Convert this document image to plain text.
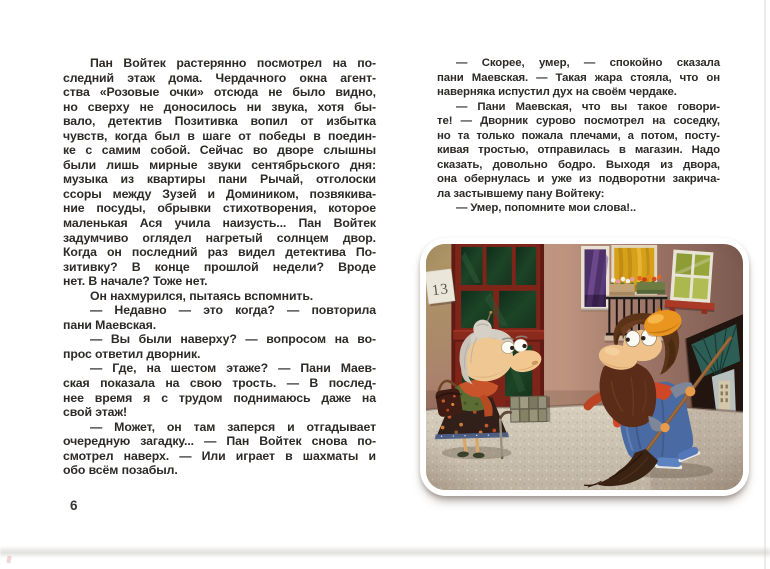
Пан Войтек растерянно посмотрел на по-
следний этаж дома. Чердачного окна агент-
ства «Розовые очки» отсюда не было видно,
но сверху не доносилось ни звука, хотя бы-
вало, детектив Позитивка вопил от избытка
чувств, когда был в шаге от победы в поедин-
ке с самим собой. Сейчас во дворе слышны
были лишь мирные звуки сентябрьского дня:
музыка из квартиры пани Рычай, отголоски
ссоры между Зузей и Домиником, позвякива-
ние посуды, обрывки стихотворения, которое
маленькая Ася учила наизусть... Пан Войтек
задумчиво оглядел нагретый солнцем двор.
Когда он последний раз видел детектива По-
зитивку? В конце прошлой недели? Вроде
нет. В начале? Тоже нет.
Он нахмурился, пытаясь вспомнить.
— Недавно — это когда? — повторила
пани Маевская.
— Вы были наверху? — вопросом на во-
прос ответил дворник.
— Где, на шестом этаже? — Пани Маев-
ская показала на свою трость. — В послед-
нее время я с трудом поднимаюсь даже на
свой этаж!
— Может, он там заперся и отгадывает
очередную загадку... — Пан Войтек снова по-
смотрел наверх. — Или играет в шахматы и
обо всём позабыл.
6
— Скорее, умер, — спокойно сказала
пани Маевская. — Такая жара стояла, что он
наверняка испустил дух на своём чердаке.
— Пани Маевская, что вы такое говори-
те! — Дворник сурово посмотрел на соседку,
но та только пожала плечами, а потом, посту-
кивая тростью, отправилась в магазин. Надо
сказать, довольно бодро. Выходя из двора,
она обернулась и уже из подворотни закрича-
ла застывшему пану Войтеку:
— Умер, попомните мои слова!..
